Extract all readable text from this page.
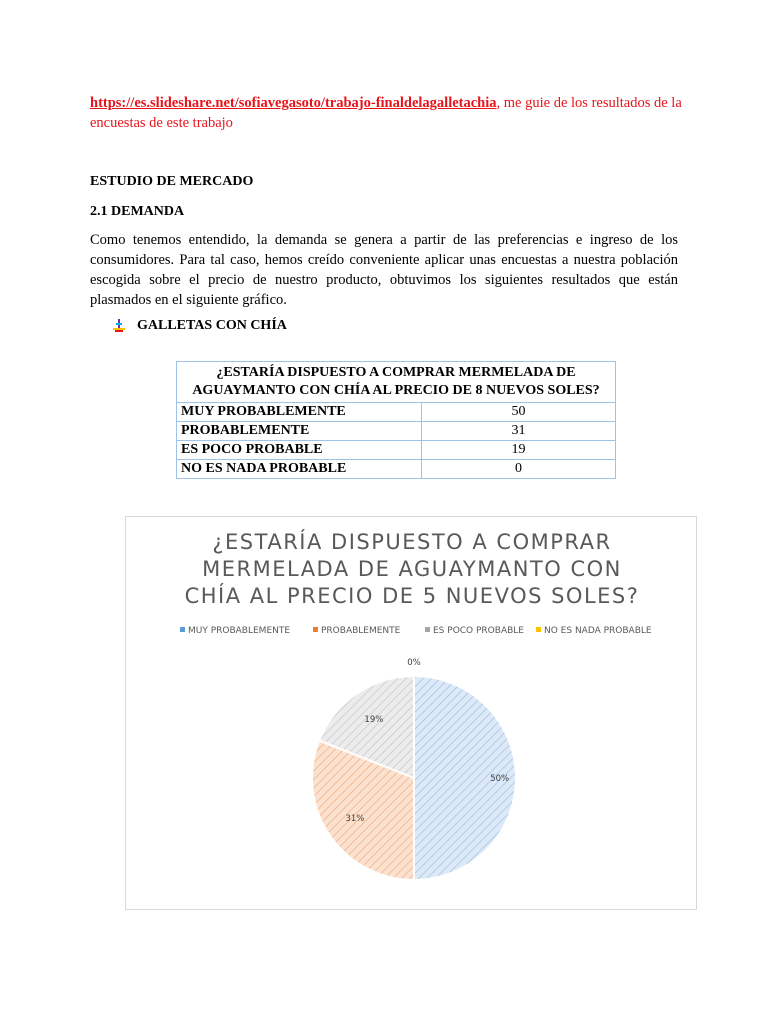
https://es.slideshare.net/sofiavegasoto/trabajo-finaldelagalletachia, me guie de los resultados de la encuestas de este trabajo
ESTUDIO DE MERCADO
2.1 DEMANDA
Como tenemos entendido, la demanda se genera a partir de las preferencias e ingreso de los consumidores. Para tal caso, hemos creído conveniente aplicar unas encuestas a nuestra población escogida sobre el precio de nuestro producto, obtuvimos los siguientes resultados que están plasmados en el siguiente gráfico.
GALLETAS CON CHÍA
¿ESTARÍA DISPUESTO A COMPRAR MERMELADA DE AGUAYMANTO CON CHÍA AL PRECIO DE 8 NUEVOS SOLES?	
MUY PROBABLEMENTE	50
PROBABLEMENTE	31
ES POCO PROBABLE	19
NO ES NADA PROBABLE	0
¿ESTARÍA DISPUESTO A COMPRAR
MERMELADA DE AGUAYMANTO CON
CHÍA AL PRECIO DE 5 NUEVOS SOLES?
MUY PROBABLEMENTE	PROBABLEMENTE	ES POCO PROBABLE NO ES NADA PROBABLE
50%
31%
19%
0%
